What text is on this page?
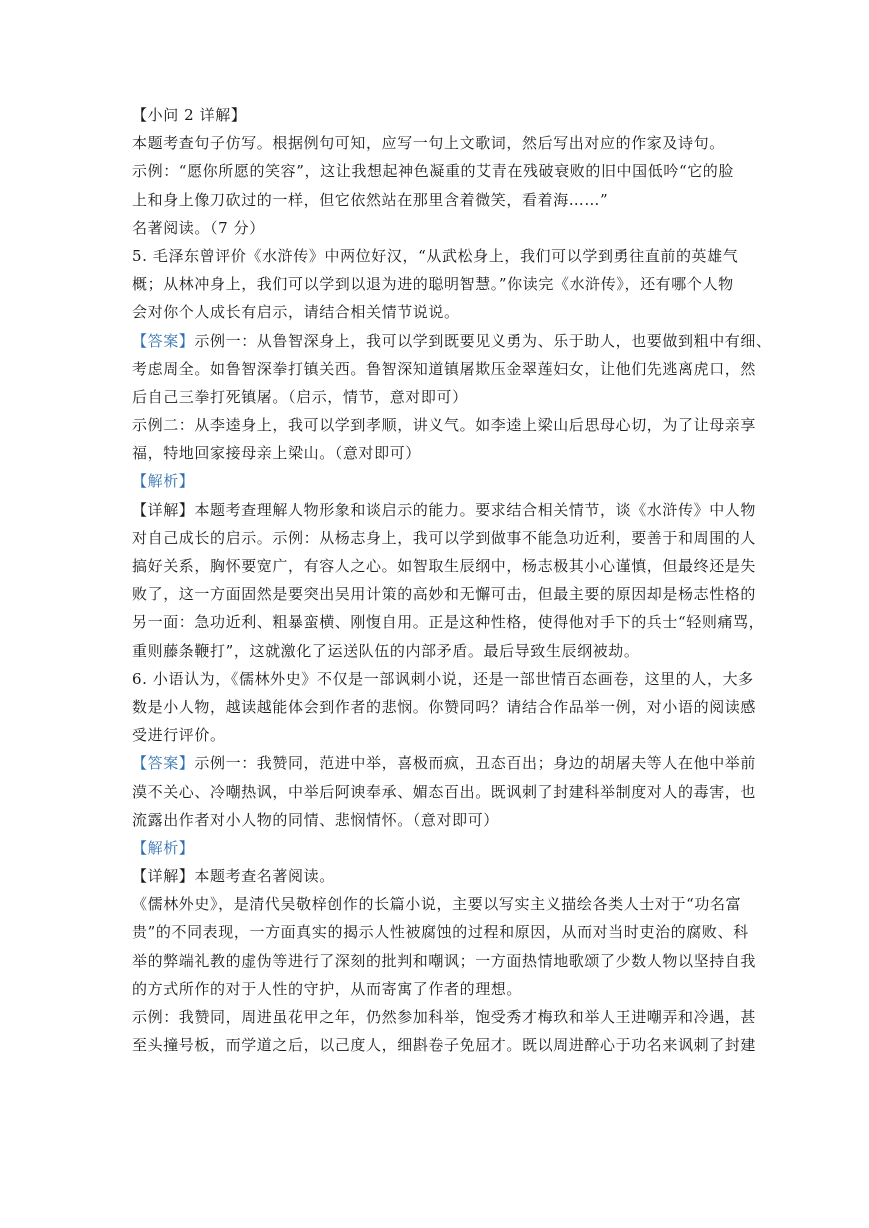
【小问 2 详解】
本题考查句子仿写。根据例句可知，应写一句上文歌词，然后写出对应的作家及诗句。
示例：“愿你所愿的笑容”，这让我想起神色凝重的艾青在残破衰败的旧中国低吟“它的脸
上和身上像刀砍过的一样，但它依然站在那里含着微笑，看着海……”
名著阅读。（7 分）
5. 毛泽东曾评价《水浒传》中两位好汉，“从武松身上，我们可以学到勇往直前的英雄气
概；从林冲身上，我们可以学到以退为进的聪明智慧。”你读完《水浒传》，还有哪个人物
会对你个人成长有启示，请结合相关情节说说。
【答案】示例一：从鲁智深身上，我可以学到既要见义勇为、乐于助人，也要做到粗中有细、
考虑周全。如鲁智深拳打镇关西。鲁智深知道镇屠欺压金翠莲妇女，让他们先逃离虎口，然
后自己三拳打死镇屠。（启示，情节，意对即可）
示例二：从李逵身上，我可以学到孝顺，讲义气。如李逵上梁山后思母心切，为了让母亲享
福，特地回家接母亲上梁山。（意对即可）
【解析】
【详解】本题考查理解人物形象和谈启示的能力。要求结合相关情节，谈《水浒传》中人物
对自己成长的启示。示例：从杨志身上，我可以学到做事不能急功近利，要善于和周围的人
搞好关系，胸怀要宽广，有容人之心。如智取生辰纲中，杨志极其小心谨慎，但最终还是失
败了，这一方面固然是要突出吴用计策的高妙和无懈可击，但最主要的原因却是杨志性格的
另一面：急功近利、粗暴蛮横、刚愎自用。正是这种性格，使得他对手下的兵士“轻则痛骂，
重则藤条鞭打”，这就激化了运送队伍的内部矛盾。最后导致生辰纲被劫。
6. 小语认为，《儒林外史》不仅是一部讽刺小说，还是一部世情百态画卷，这里的人，大多
数是小人物，越读越能体会到作者的悲悯。你赞同吗？请结合作品举一例，对小语的阅读感
受进行评价。
【答案】示例一：我赞同，范进中举，喜极而疯，丑态百出；身边的胡屠夫等人在他中举前
漠不关心、冷嘲热讽，中举后阿谀奉承、媚态百出。既讽刺了封建科举制度对人的毒害，也
流露出作者对小人物的同情、悲悯情怀。（意对即可）
【解析】
【详解】本题考查名著阅读。
《儒林外史》，是清代吴敬梓创作的长篇小说，主要以写实主义描绘各类人士对于“功名富
贵”的不同表现，一方面真实的揭示人性被腐蚀的过程和原因，从而对当时吏治的腐败、科
举的弊端礼教的虚伪等进行了深刻的批判和嘲讽；一方面热情地歌颂了少数人物以坚持自我
的方式所作的对于人性的守护，从而寄寓了作者的理想。
示例：我赞同，周进虽花甲之年，仍然参加科举，饱受秀才梅玖和举人王进嘲弄和冷遇，甚
至头撞号板，而学道之后，以己度人，细斟卷子免屈才。既以周进醉心于功名来讽刺了封建
